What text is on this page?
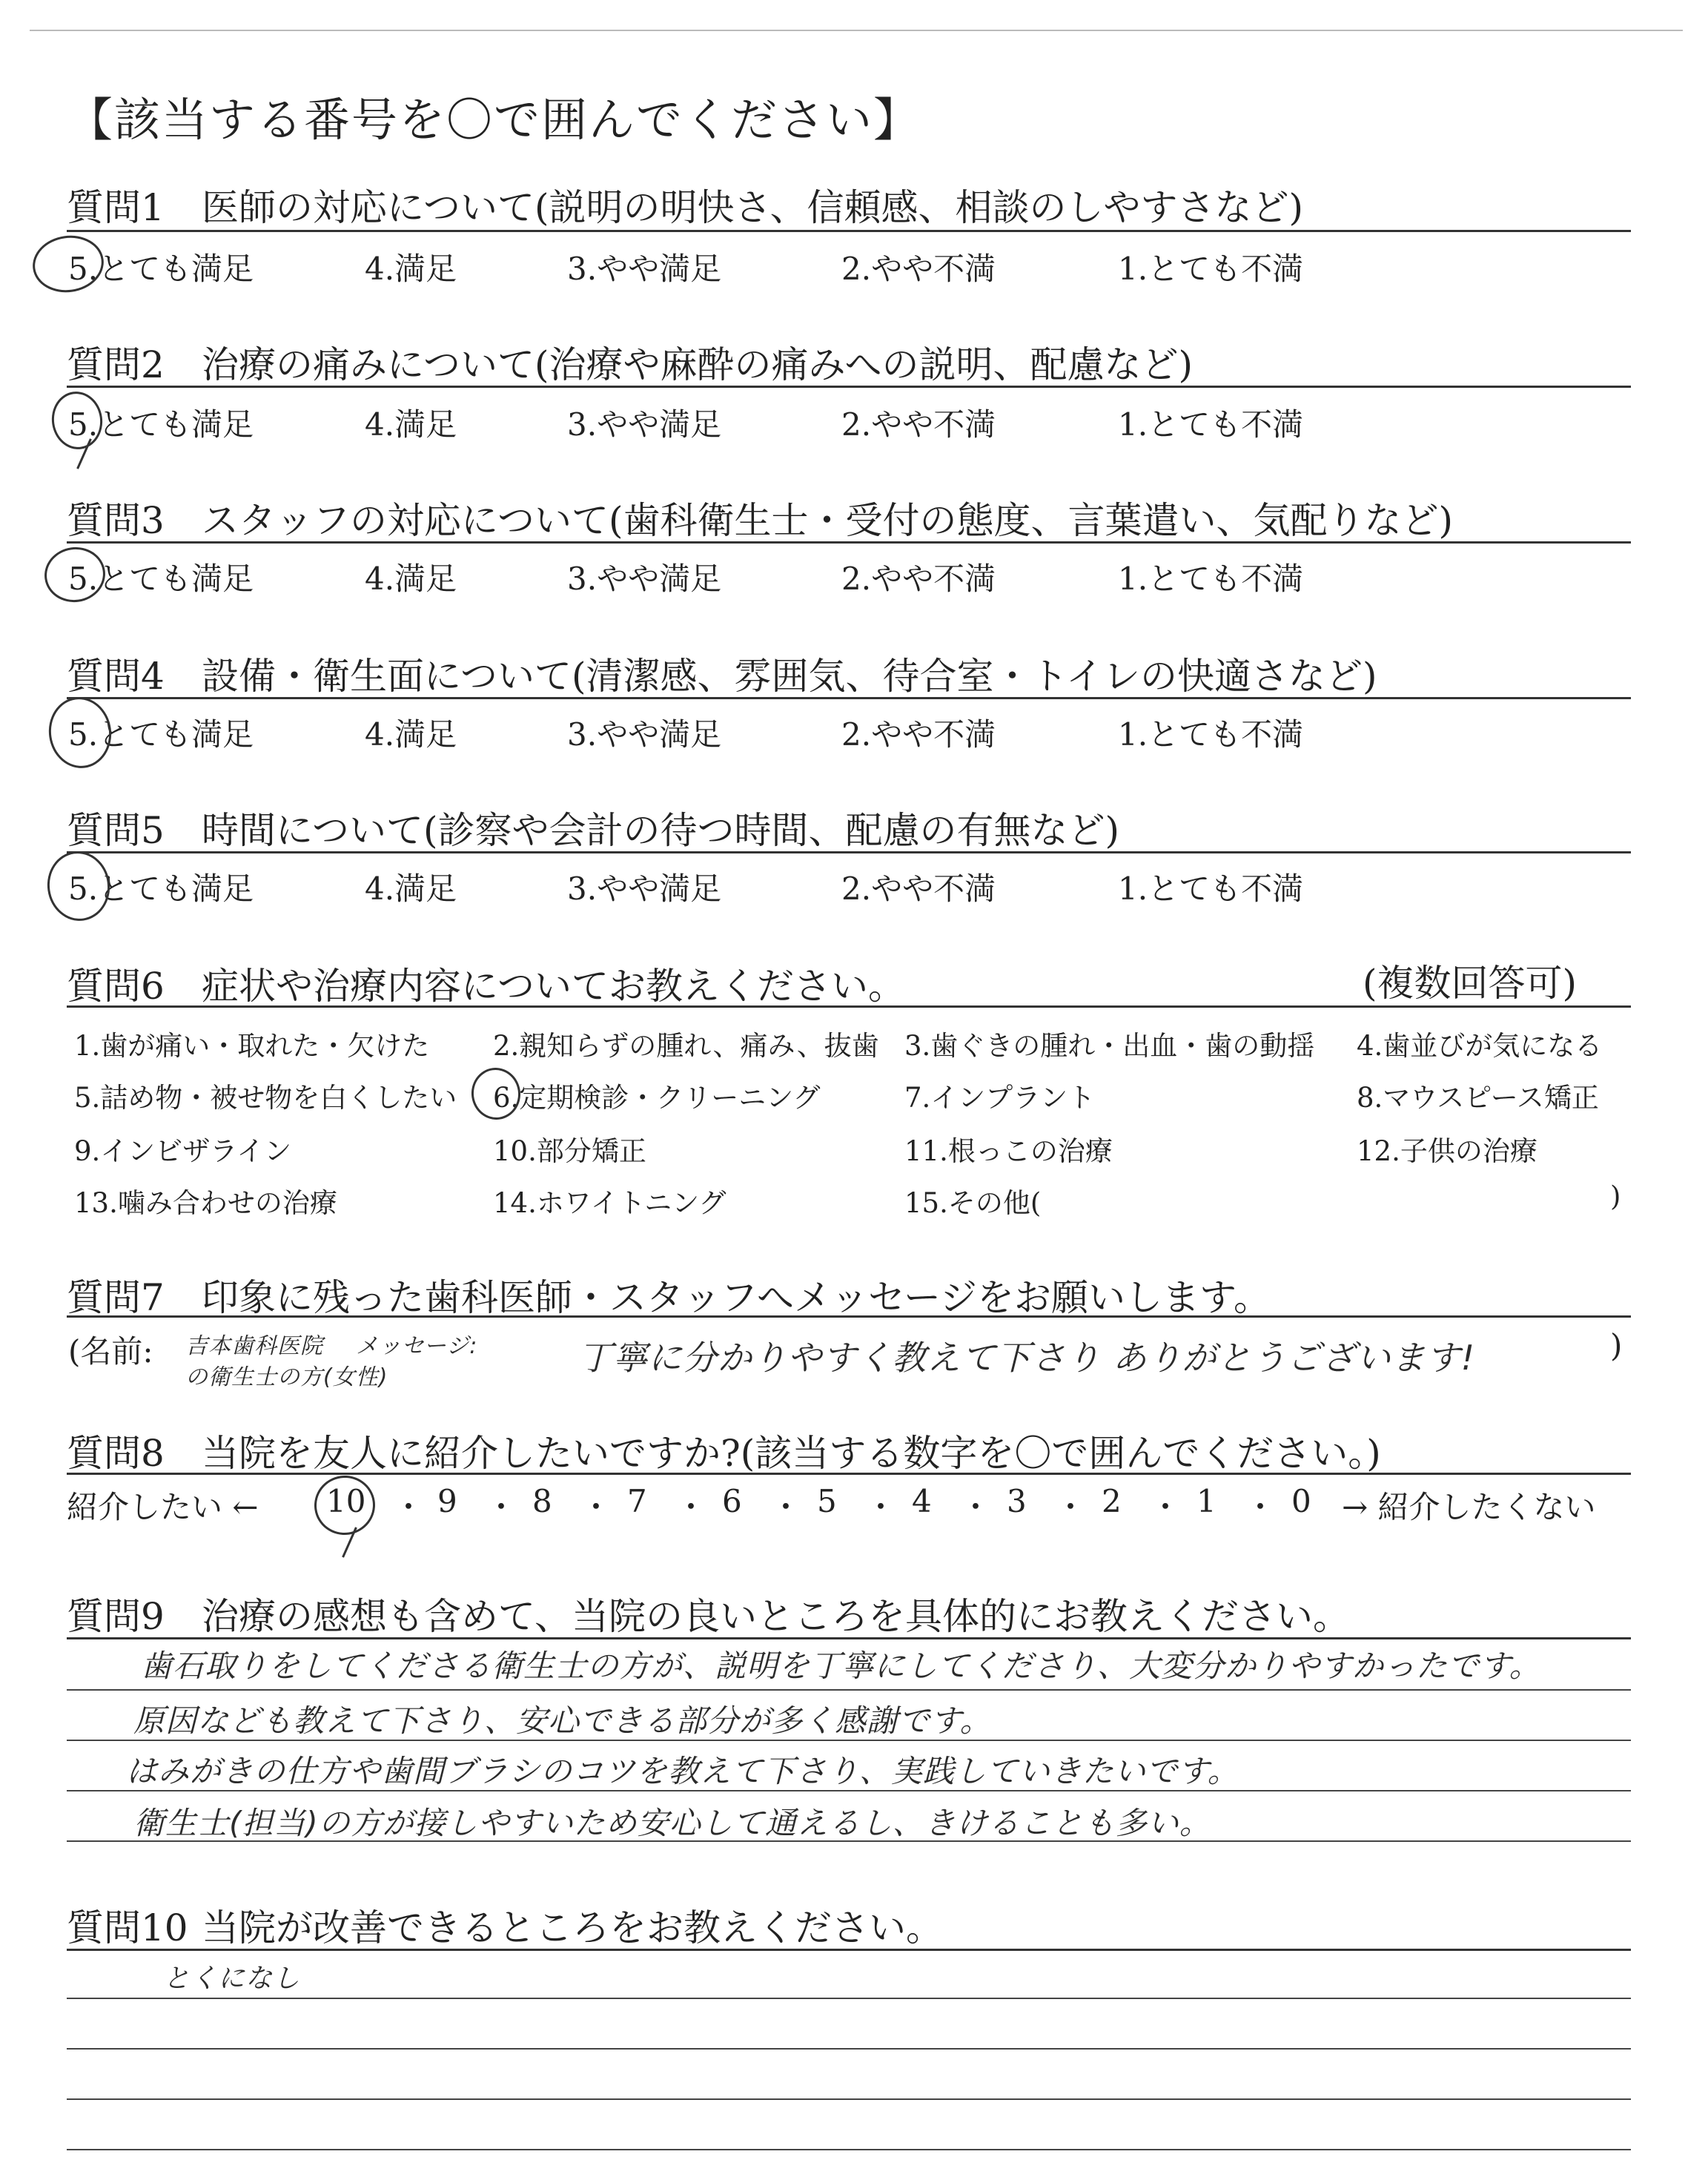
【該当する番号を〇で囲んでください】
質問1 医師の対応について(説明の明快さ、信頼感、相談のしやすさなど)
5.とても満足	4.満足	3.やや満足	2.やや不満	1.とても不満
質問2 治療の痛みについて(治療や麻酔の痛みへの説明、配慮など)
5.とても満足	4.満足	3.やや満足	2.やや不満	1.とても不満
質問3 スタッフの対応について(歯科衛生士・受付の態度、言葉遣い、気配りなど)
5.とても満足	4.満足	3.やや満足	2.やや不満	1.とても不満
質問4 設備・衛生面について(清潔感、雰囲気、待合室・トイレの快適さなど)
5.とても満足	4.満足	3.やや満足	2.やや不満	1.とても不満
質問5 時間について(診察や会計の待つ時間、配慮の有無など)
5.とても満足	4.満足	3.やや満足	2.やや不満	1.とても不満
質問6 症状や治療内容についてお教えください。	(複数回答可)
1.歯が痛い・取れた・欠けた 2.親知らずの腫れ、痛み、抜歯 3.歯ぐきの腫れ・出血・歯の動揺 4.歯並びが気になる
5.詰め物・被せ物を白くしたい 6.定期検診・クリーニング	7.インプラント	8.マウスピース矯正
9.インビザライン	10.部分矯正	11.根っこの治療	12.子供の治療
13.噛み合わせの治療	14.ホワイトニング	15.その他(	)
質問7 印象に残った歯科医師・スタッフへメッセージをお願いします。
(名前: 吉本歯科医院
の衛生士の方(女性)
メッセージ:	丁寧に分かりやすく教えて下さり ありがとうございます!	)
質問8 当院を友人に紹介したいですか?(該当する数字を〇で囲んでください。)
紹介したい ← 10 ・ 9 ・ 8 ・ 7 ・ 6 ・ 5 ・ 4 ・ 3 ・ 2 ・ 1 ・ 0 → 紹介したくない
質問9 治療の感想も含めて、当院の良いところを具体的にお教えください。
歯石取りをしてくださる衛生士の方が、説明を丁寧にしてくださり、大変分かりやすかったです。
原因なども教えて下さり、安心できる部分が多く感謝です。
はみがきの仕方や歯間ブラシのコツを教えて下さり、実践していきたいです。
衛生士(担当)の方が接しやすいため安心して通えるし、きけることも多い。
質問10 当院が改善できるところをお教えください。
とくになし
